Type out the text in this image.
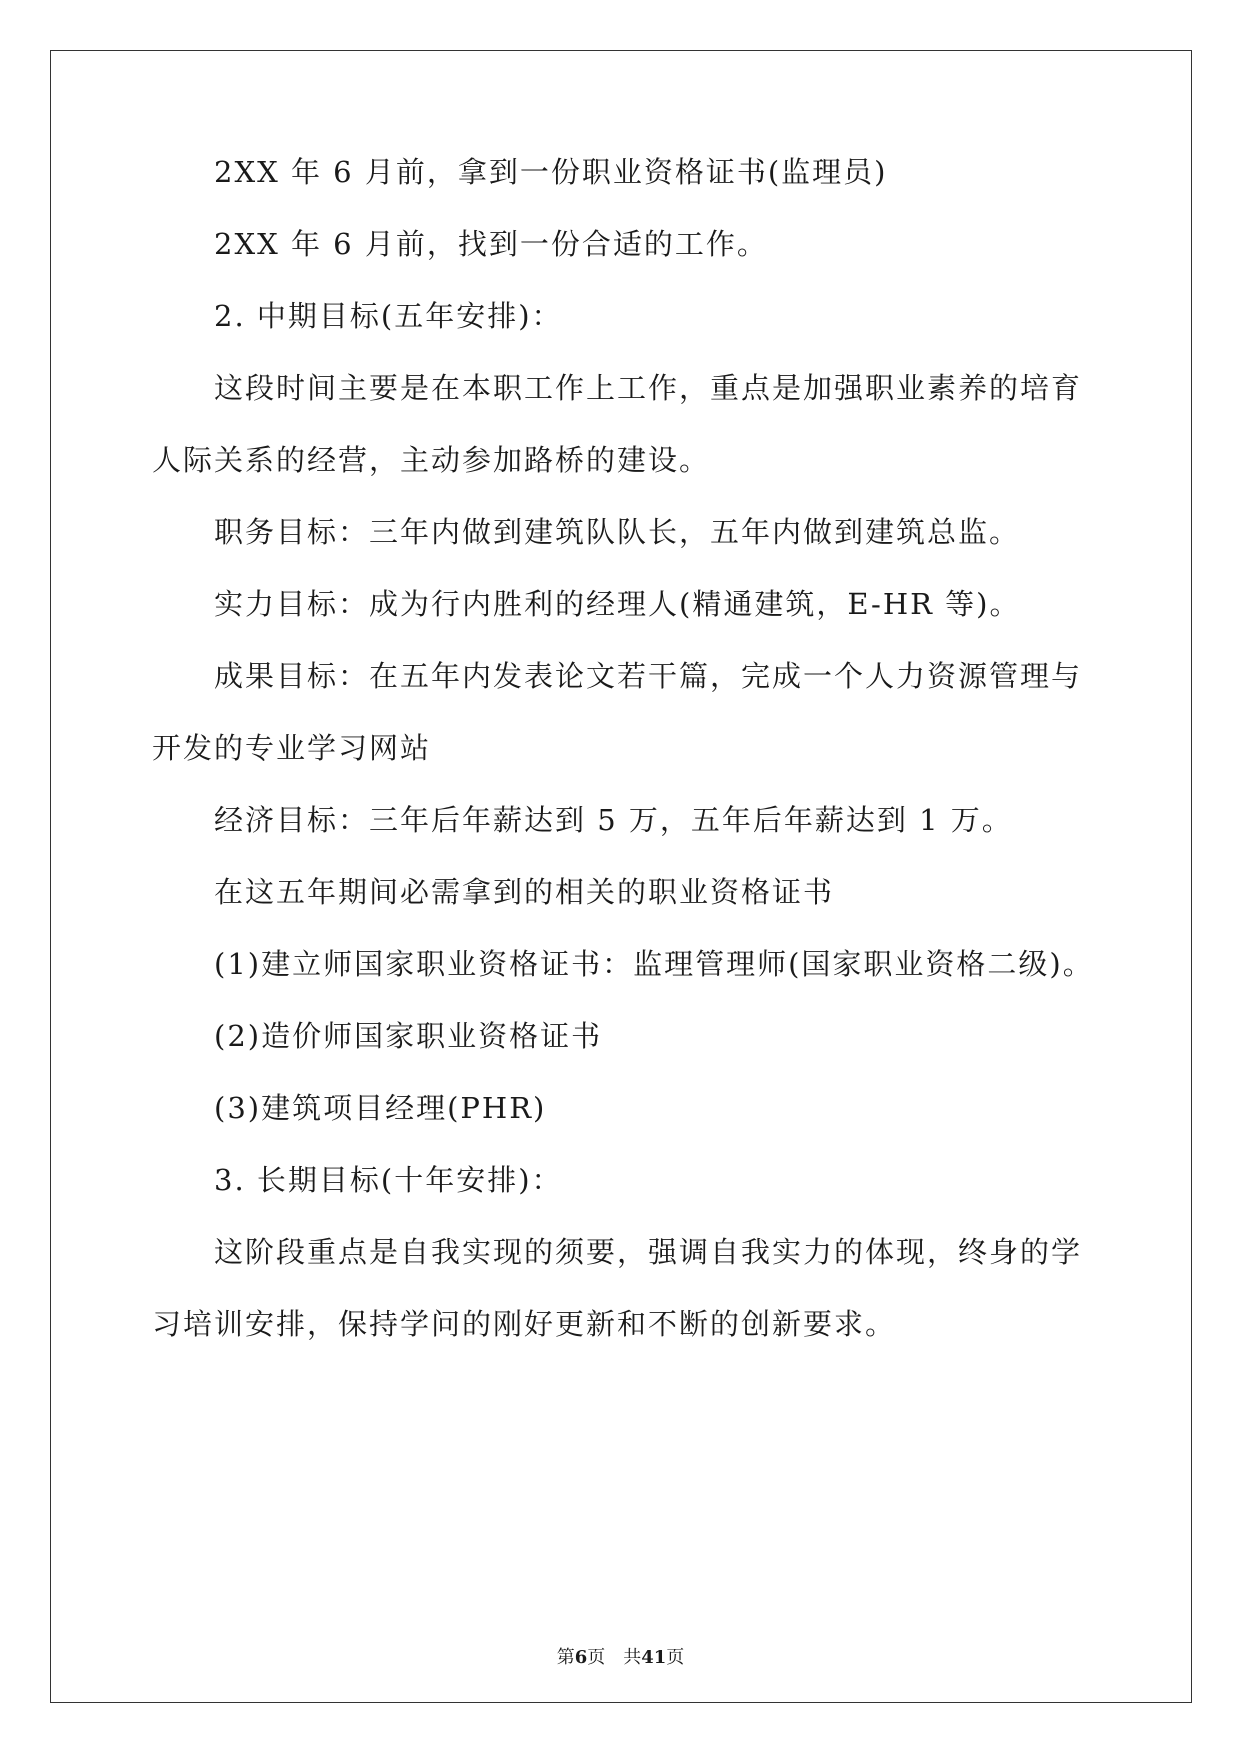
2XX 年 6 月前，拿到一份职业资格证书(监理员)
2XX 年 6 月前，找到一份合适的工作。
2. 中期目标(五年安排)：
这段时间主要是在本职工作上工作，重点是加强职业素养的培育
人际关系的经营，主动参加路桥的建设。
职务目标：三年内做到建筑队队长，五年内做到建筑总监。
实力目标：成为行内胜利的经理人(精通建筑，E-HR 等)。
成果目标：在五年内发表论文若干篇，完成一个人力资源管理与
开发的专业学习网站
经济目标：三年后年薪达到 5 万，五年后年薪达到 1 万。
在这五年期间必需拿到的相关的职业资格证书
(1)建立师国家职业资格证书：监理管理师(国家职业资格二级)。
(2)造价师国家职业资格证书
(3)建筑项目经理(PHR)
3. 长期目标(十年安排)：
这阶段重点是自我实现的须要，强调自我实力的体现，终身的学
习培训安排，保持学问的刚好更新和不断的创新要求。
第6页　共41页
